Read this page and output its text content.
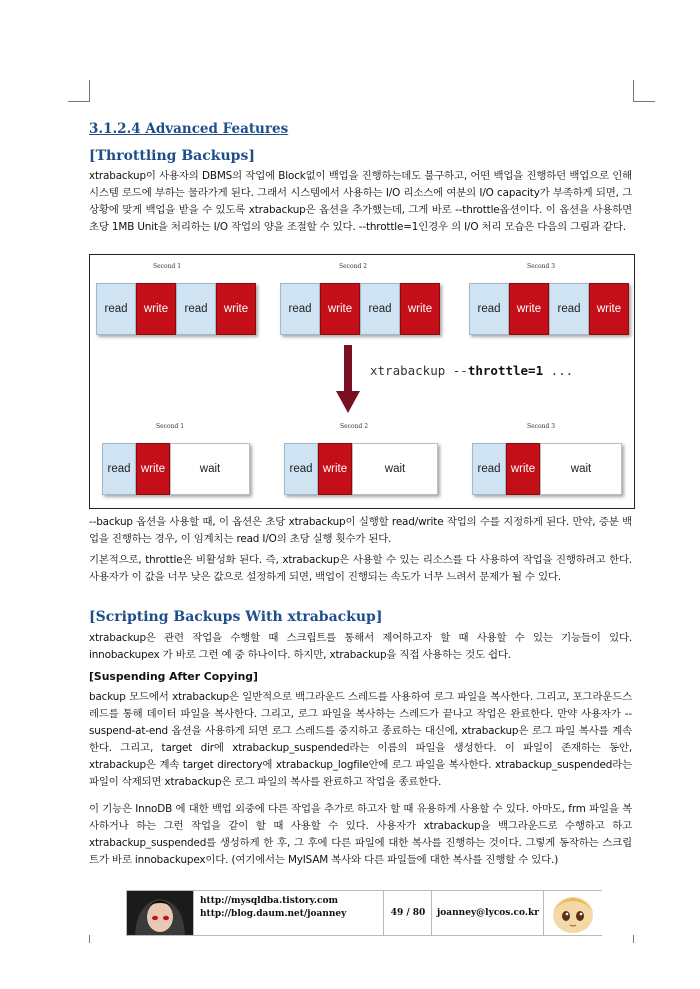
3.1.2.4 Advanced Features
[Throttling Backups]

xtrabackup이 사용자의 DBMS의 작업에 Block없이 백업을 진행하는데도 불구하고, 어떤 백업을 진행하던 백업으로 인해 시스템 로드에 부하는 물라가게 된다. 그래서 시스템에서 사용하는 I/O 리소스에 여분의 I/O capacity가 부족하게 되면, 그 상황에 맞게 백업을 받을 수 있도록 xtrabackup은 옵션을 추가했는데, 그게 바로 --throttle옵션이다. 이 옵션을 사용하면 초당 1MB Unit을 처리하는 I/O 작업의 양을 조절할 수 있다. --throttle=1인경우 의 I/O 처리 모습은 다음의 그림과 같다.

Second 1	Second 2	Second 3
read	write	read	write	read	write	read	write	read	write	read	write
xtrabackup --throttle=1 ...
Second 1	Second 2	Second 3
read write	wait	read write	wait	read write	wait

--backup 옵션을 사용할 때, 이 옵션은 초당 xtrabackup이 실행할 read/write 작업의 수를 지정하게 된다. 만약, 증분 백업을 진행하는 경우, 이 임계치는 read I/O의 초당 실행 횟수가 된다.

기본적으로, throttle은 비활성화 된다. 즉, xtrabackup은 사용할 수 있는 리소스를 다 사용하여 작업을 진행하려고 한다. 사용자가 이 값을 너무 낮은 값으로 설정하게 되면, 백업이 진행되는 속도가 너무 느려서 문제가 될 수 있다.

[Scripting Backups With xtrabackup]

xtrabackup은 관련 작업을 수행할 때 스크립트를 통해서 제어하고자 할 때 사용할 수 있는 기능들이 있다. innobackupex 가 바로 그런 예 중 하나이다. 하지만, xtrabackup을 직접 사용하는 것도 쉽다.

[Suspending After Copying]

backup 모드에서 xtrabackup은 일반적으로 백그라운드 스레드를 사용하여 로그 파일을 복사한다. 그리고, 포그라운드스레드를 통해 데이터 파일을 복사한다. 그리고, 로그 파일을 복사하는 스레드가 끝나고 작업은 완료한다. 만약 사용자가 --suspend-at-end 옵션을 사용하게 되면 로그 스레드를 중지하고 종료하는 대신에, xtrabackup은 로그 파일 복사를 계속한다. 그리고, target dir에 xtrabackup_suspended라는 이름의 파일을 생성한다. 이 파일이 존재하는 동안, xtrabackup은 계속 target directory에 xtrabackup_logfile안에 로그 파일을 복사한다. xtrabackup_suspended라는 파일이 삭제되면 xtrabackup은 로그 파일의 복사를 완료하고 작업을 종료한다.

이 기능은 InnoDB 에 대한 백업 외중에 다른 작업을 추가로 하고자 할 때 유용하게 사용할 수 있다. 아마도, frm 파일을 복사하거나 하는 그런 작업을 같이 할 때 사용할 수 있다. 사용자가 xtrabackup을 백그라운드로 수행하고 하고 xtrabackup_suspended를 생성하게 한 후, 그 후에 다른 파일에 대한 복사를 진행하는 것이다. 그렇게 동작하는 스크립트가 바로 innobackupex이다. (여기에서는 MyISAM 복사와 다른 파일들에 대한 복사를 진행할 수 있다.)

http://mysqldba.tistory.com
http://blog.daum.net/joanney	49 / 80	joanney@lycos.co.kr
